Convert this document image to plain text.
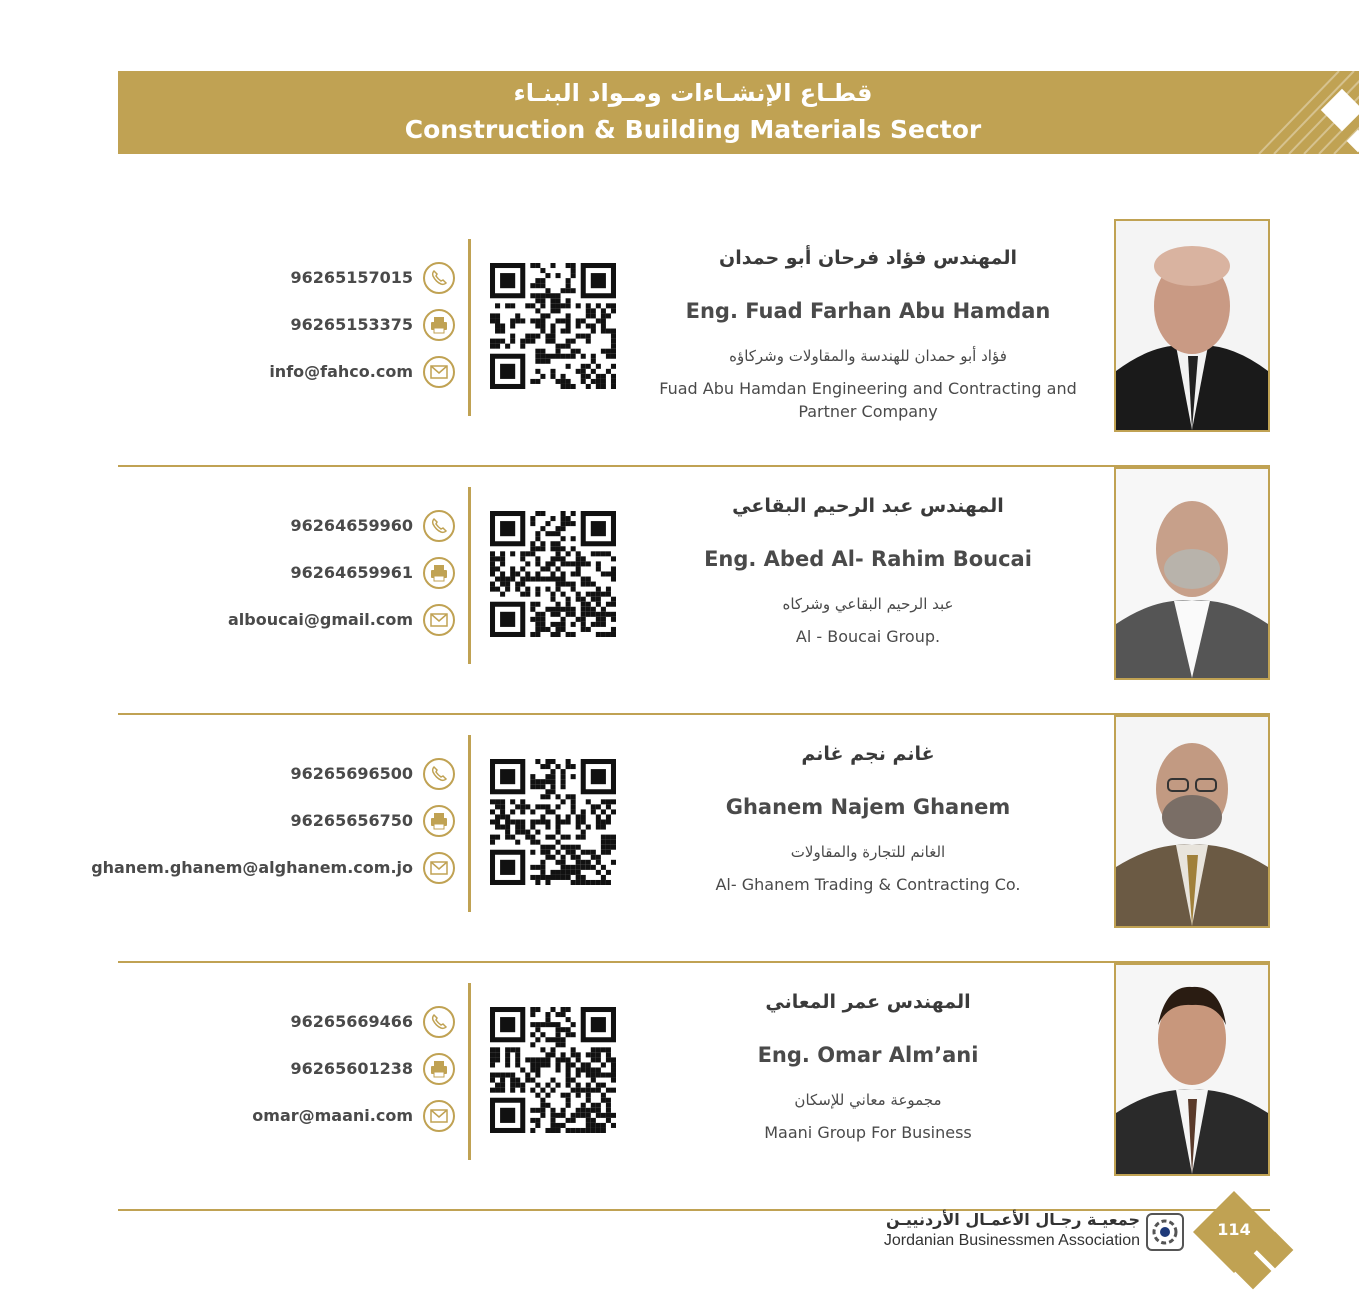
قطـاع الإنشـاءات ومـواد البنـاء
Construction & Building Materials Sector
96265157015
96265153375
info@fahco.com
المهندس فؤاد فرحان أبو حمدان
Eng. Fuad Farhan Abu Hamdan
فؤاد أبو حمدان للهندسة والمقاولات وشركاؤه
Fuad Abu Hamdan Engineering and Contracting and Partner Company
96264659960
96264659961
alboucai@gmail.com
المهندس عبد الرحيم البقاعي
Eng. Abed Al- Rahim Boucai
عبد الرحيم البقاعي وشركاه
Al - Boucai Group.
96265696500
96265656750
ghanem.ghanem@alghanem.com.jo
غانم نجم غانم
Ghanem Najem Ghanem
الغانم للتجارة والمقاولات
Al- Ghanem Trading & Contracting Co.
96265669466
96265601238
omar@maani.com
المهندس عمر المعاني
Eng. Omar Alm’ani
مجموعة معاني للإسكان
Maani Group For Business
جمعيـة رجـال الأعمـال الأردنييـن
Jordanian Businessmen Association
114
